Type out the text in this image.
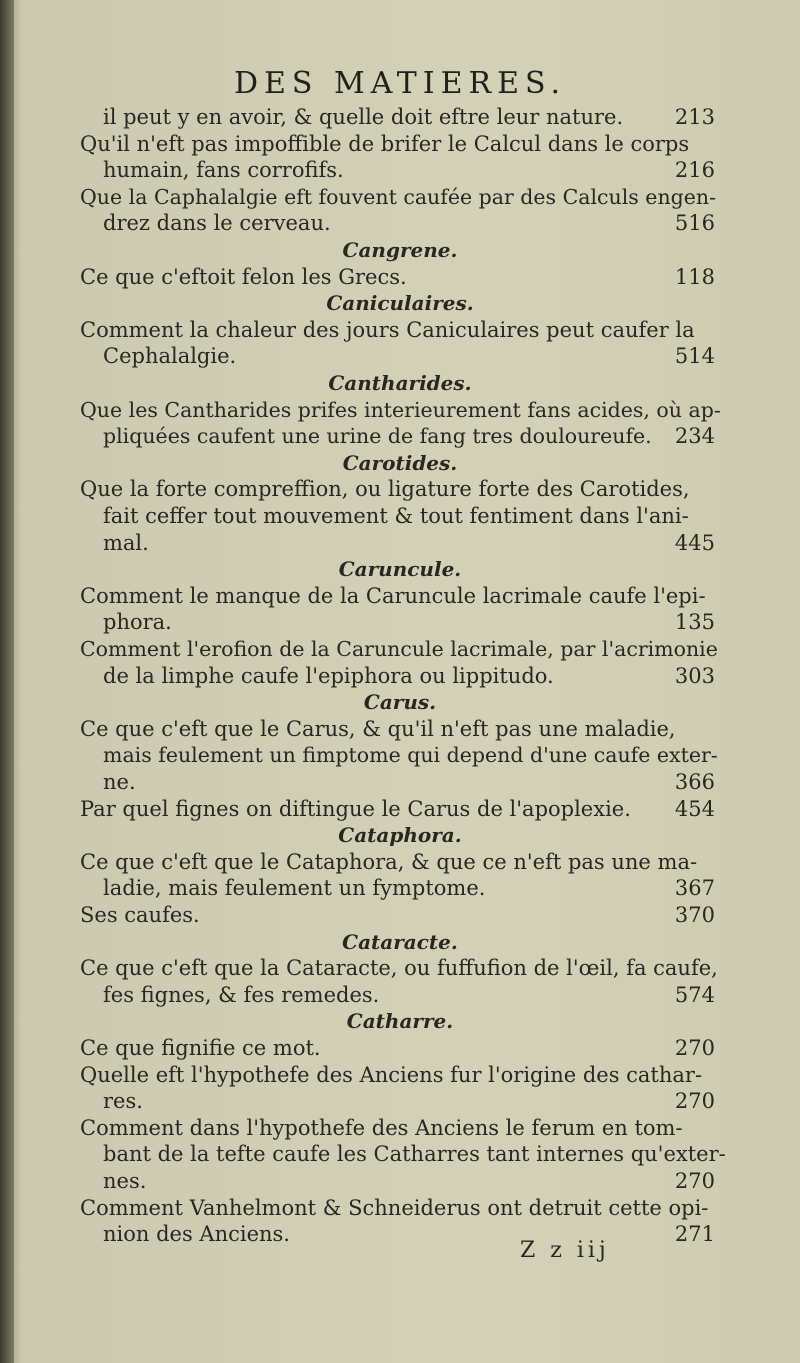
DES MATIERES.
il peut y en avoir, & quelle doit eftre leur nature. 213
Qu'il n'eft pas impoffible de brifer le Calcul dans le corps
humain, fans corrofifs.	216
Que la Caphalalgie eft fouvent caufée par des Calculs engen-
drez dans le cerveau.	516
Cangrene.
Ce que c'eftoit felon les Grecs.	118
Caniculaires.
Comment la chaleur des jours Caniculaires peut caufer la
Cephalalgie.	514
Cantharides.
Que les Cantharides prifes interieurement fans acides, où ap-
pliquées caufent une urine de fang tres douloureufe. 234
Carotides.
Que la forte compreffion, ou ligature forte des Carotides,
fait ceffer tout mouvement & tout fentiment dans l'ani-
mal.	445
Caruncule.
Comment le manque de la Caruncule lacrimale caufe l'epi-
phora.	135
Comment l'erofion de la Caruncule lacrimale, par l'acrimonie
de la limphe caufe l'epiphora ou lippitudo.	303
Carus.
Ce que c'eft que le Carus, & qu'il n'eft pas une maladie,
mais feulement un fimptome qui depend d'une caufe exter-
ne.	366
Par quel fignes on diftingue le Carus de l'apoplexie. 454
Cataphora.
Ce que c'eft que le Cataphora, & que ce n'eft pas une ma-
ladie, mais feulement un fymptome.	367
Ses caufes.	370
Cataracte.
Ce que c'eft que la Cataracte, ou fuffufion de l'œil, fa caufe,
fes fignes, & fes remedes.	574
Catharre.
Ce que fignifie ce mot.	270
Quelle eft l'hypothefe des Anciens fur l'origine des cathar-
res.	270
Comment dans l'hypothefe des Anciens le ferum en tom-
bant de la tefte caufe les Catharres tant internes qu'exter-
nes.	270
Comment Vanhelmont & Schneiderus ont detruit cette opi-
nion des Anciens.	271
Z z iij
